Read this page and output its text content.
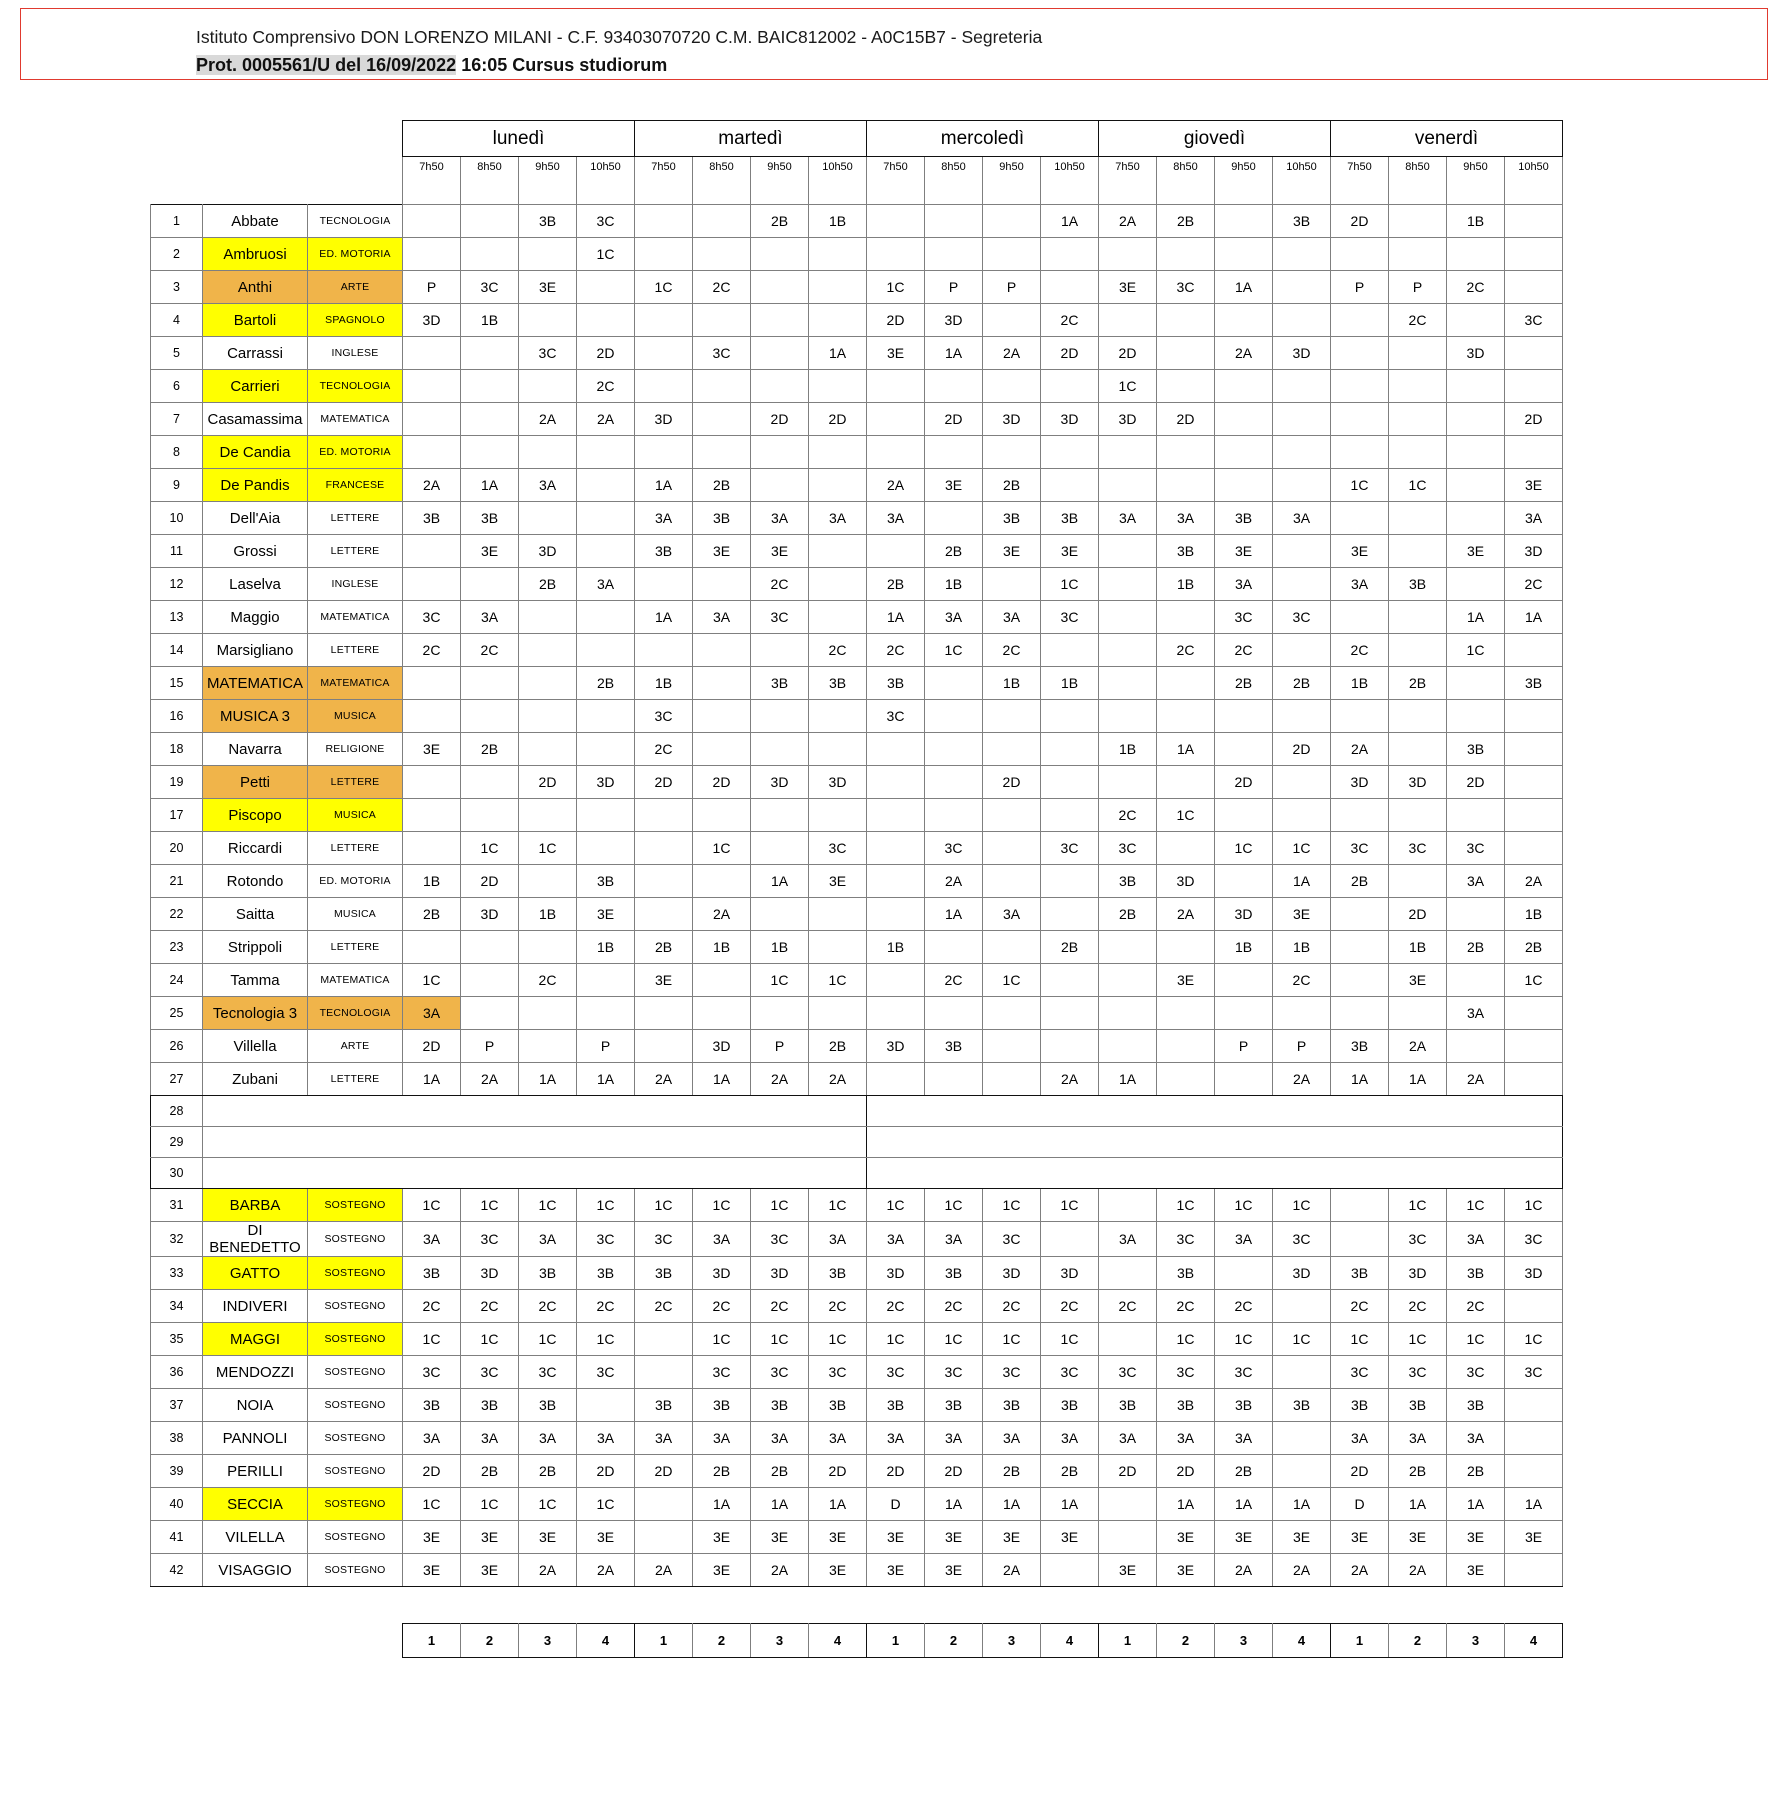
Istituto Comprensivo DON LORENZO MILANI - C.F. 93403070720 C.M. BAIC812002 - A0C15B7 - Segreteria
Prot. 0005561/U del 16/09/2022 16:05 Cursus studiorum
			lunedì				martedì				mercoledì				giovedì				venerdì			
			7h50	8h50	9h50	10h50	7h50	8h50	9h50	10h50	7h50	8h50	9h50	10h50	7h50	8h50	9h50	10h50	7h50	8h50	9h50	10h50
1	Abbate	TECNOLOGIA			3B	3C			2B	1B				1A	2A	2B		3B	2D		1B	
2	Ambruosi	ED. MOTORIA				1C																
3	Anthi	ARTE	P	3C	3E		1C	2C			1C	P	P		3E	3C	1A		P	P	2C	
4	Bartoli	SPAGNOLO	3D	1B							2D	3D		2C						2C		3C
5	Carrassi	INGLESE			3C	2D		3C		1A	3E	1A	2A	2D	2D		2A	3D			3D	
6	Carrieri	TECNOLOGIA				2C									1C							
7	Casamassima	MATEMATICA			2A	2A	3D		2D	2D		2D	3D	3D	3D	2D						2D
8	De Candia	ED. MOTORIA																				
9	De Pandis	FRANCESE	2A	1A	3A		1A	2B			2A	3E	2B						1C	1C		3E
10	Dell'Aia	LETTERE	3B	3B			3A	3B	3A	3A	3A		3B	3B	3A	3A	3B	3A				3A
11	Grossi	LETTERE		3E	3D		3B	3E	3E			2B	3E	3E		3B	3E		3E		3E	3D
12	Laselva	INGLESE			2B	3A			2C		2B	1B		1C		1B	3A		3A	3B		2C
13	Maggio	MATEMATICA	3C	3A			1A	3A	3C		1A	3A	3A	3C			3C	3C			1A	1A
14	Marsigliano	LETTERE	2C	2C						2C	2C	1C	2C			2C	2C		2C		1C	
15	MATEMATICA	MATEMATICA				2B	1B		3B	3B	3B		1B	1B			2B	2B	1B	2B		3B
16	MUSICA 3	MUSICA					3C				3C											
18	Navarra	RELIGIONE	3E	2B			2C								1B	1A		2D	2A		3B	
19	Petti	LETTERE			2D	3D	2D	2D	3D	3D			2D				2D		3D	3D	2D	
17	Piscopo	MUSICA													2C	1C						
20	Riccardi	LETTERE		1C	1C			1C		3C		3C		3C	3C		1C	1C	3C	3C	3C	
21	Rotondo	ED. MOTORIA	1B	2D		3B			1A	3E		2A			3B	3D		1A	2B		3A	2A
22	Saitta	MUSICA	2B	3D	1B	3E		2A				1A	3A		2B	2A	3D	3E		2D		1B
23	Strippoli	LETTERE				1B	2B	1B	1B		1B			2B			1B	1B		1B	2B	2B
24	Tamma	MATEMATICA	1C		2C		3E		1C	1C		2C	1C			3E		2C		3E		1C
25	Tecnologia 3	TECNOLOGIA	3A																		3A	
26	Villella	ARTE	2D	P		P		3D	P	2B	3D	3B					P	P	3B	2A		
27	Zubani	LETTERE	1A	2A	1A	1A	2A	1A	2A	2A				2A	1A			2A	1A	1A	2A	
28																						
29																						
30																						
31	BARBA	SOSTEGNO	1C	1C	1C	1C	1C	1C	1C	1C	1C	1C	1C	1C		1C	1C	1C		1C	1C	1C
32	DI BENEDETTO	SOSTEGNO	3A	3C	3A	3C	3C	3A	3C	3A	3A	3A	3C		3A	3C	3A	3C		3C	3A	3C
33	GATTO	SOSTEGNO	3B	3D	3B	3B	3B	3D	3D	3B	3D	3B	3D	3D		3B		3D	3B	3D	3B	3D
34	INDIVERI	SOSTEGNO	2C	2C	2C	2C	2C	2C	2C	2C	2C	2C	2C	2C	2C	2C	2C		2C	2C	2C	
35	MAGGI	SOSTEGNO	1C	1C	1C	1C		1C	1C	1C	1C	1C	1C	1C		1C	1C	1C	1C	1C	1C	1C
36	MENDOZZI	SOSTEGNO	3C	3C	3C	3C		3C	3C	3C	3C	3C	3C	3C	3C	3C	3C		3C	3C	3C	3C
37	NOIA	SOSTEGNO	3B	3B	3B		3B	3B	3B	3B	3B	3B	3B	3B	3B	3B	3B	3B	3B	3B	3B	
38	PANNOLI	SOSTEGNO	3A	3A	3A	3A	3A	3A	3A	3A	3A	3A	3A	3A	3A	3A	3A		3A	3A	3A	
39	PERILLI	SOSTEGNO	2D	2B	2B	2D	2D	2B	2B	2D	2D	2D	2B	2B	2D	2D	2B		2D	2B	2B	
40	SECCIA	SOSTEGNO	1C	1C	1C	1C		1A	1A	1A	D	1A	1A	1A		1A	1A	1A	D	1A	1A	1A
41	VILELLA	SOSTEGNO	3E	3E	3E	3E		3E	3E	3E	3E	3E	3E	3E		3E	3E	3E	3E	3E	3E	3E
42	VISAGGIO	SOSTEGNO	3E	3E	2A	2A	2A	3E	2A	3E	3E	3E	2A		3E	3E	2A	2A	2A	2A	3E	
1	2	3	4	1	2	3	4	1	2	3	4	1	2	3	4	1	2	3	4
